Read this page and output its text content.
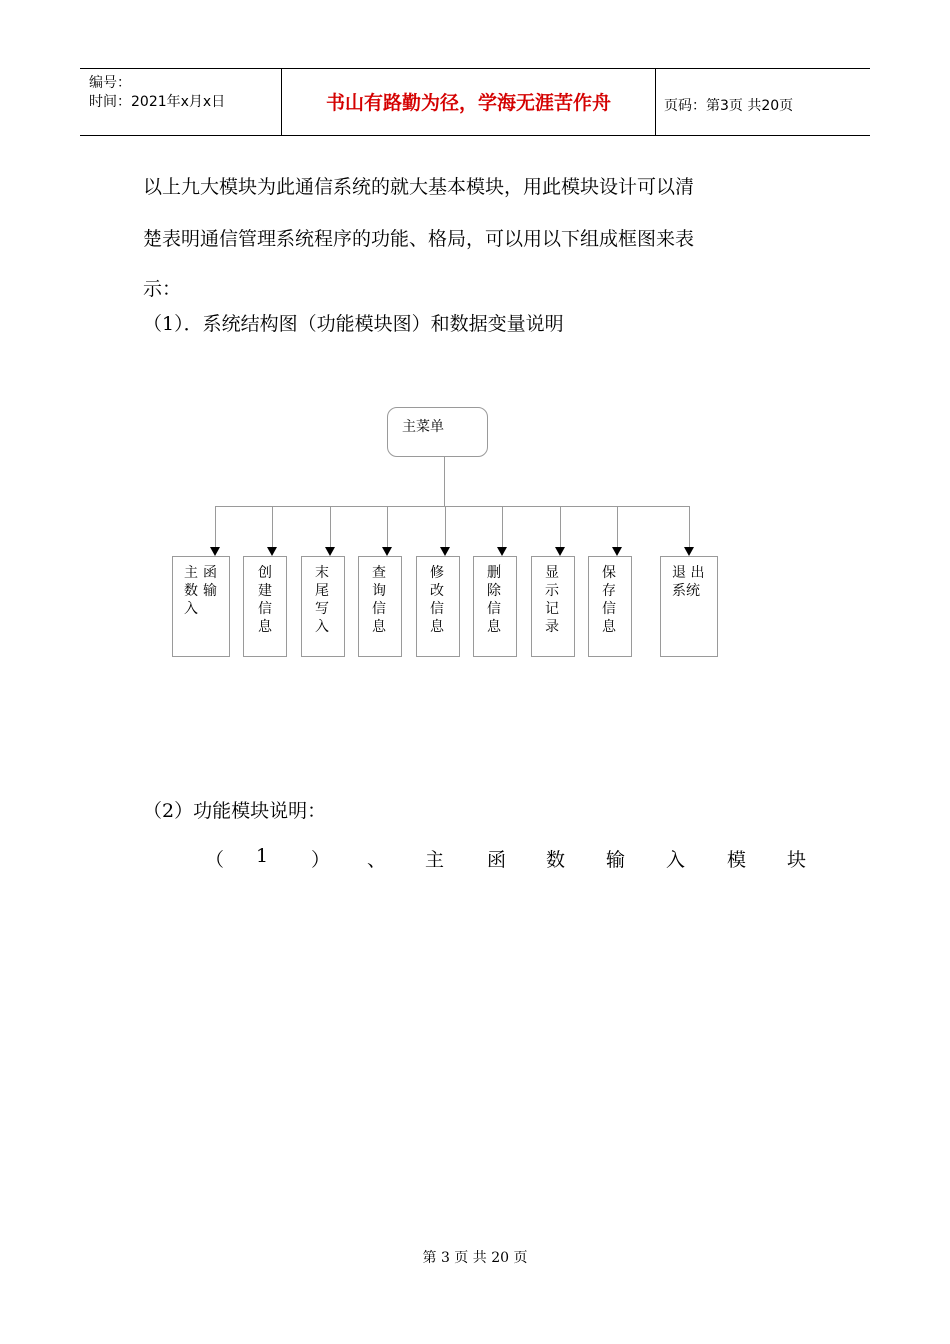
编号：
时间：2021年x月x日	书山有路勤为径，学海无涯苦作舟	页码：第3页 共20页
以上九大模块为此通信系统的就大基本模块，用此模块设计可以清
楚表明通信管理系统程序的功能、格局，可以用以下组成框图来表
示：
（1）．系统结构图（功能模块图）和数据变量说明
主菜单
主
数
入
函
输
创
建
信
息
末
尾
写
入
查
询
信
息
修
改
信
息
删
除
信
息
显
示
记
录
保
存
信
息
退 出
系统
（2）功能模块说明：
（ 1 ） 、 主 函 数 输 入 模 块
第 3 页 共 20 页
